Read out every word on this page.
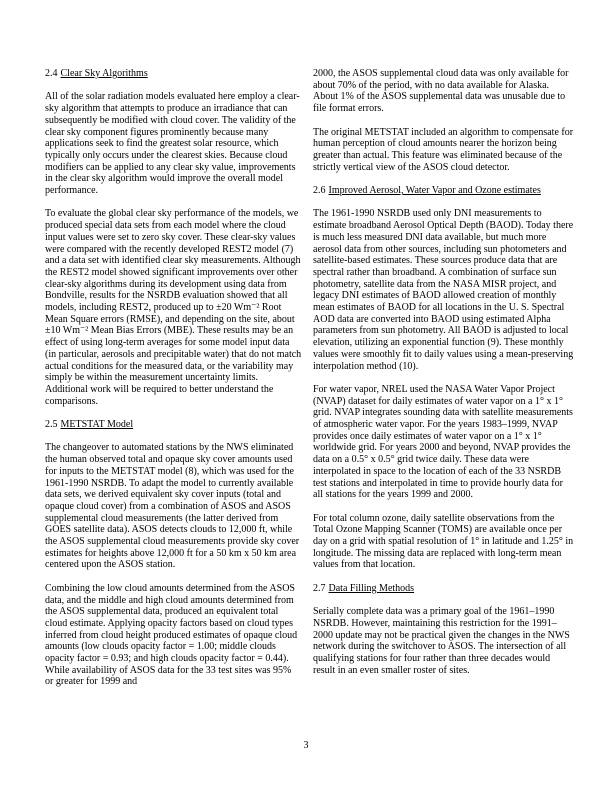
2.4 Clear Sky Algorithms
All of the solar radiation models evaluated here employ a clear-sky algorithm that attempts to produce an irradiance that can subsequently be modified with cloud cover. The validity of the clear sky component figures prominently because many applications seek to find the greatest solar resource, which typically only occurs under the clearest skies. Because cloud modifiers can be applied to any clear sky value, improvements in the clear sky algorithm would improve the overall model performance.
To evaluate the global clear sky performance of the models, we produced special data sets from each model where the cloud input values were set to zero sky cover. These clear-sky values were compared with the recently developed REST2 model (7) and a data set with identified clear sky measurements. Although the REST2 model showed significant improvements over other clear-sky algorithms during its development using data from Bondville, results for the NSRDB evaluation showed that all models, including REST2, produced up to ±20 Wm⁻² Root Mean Square errors (RMSE), and depending on the site, about ±10 Wm⁻² Mean Bias Errors (MBE). These results may be an effect of using long-term averages for some model input data (in particular, aerosols and precipitable water) that do not match actual conditions for the measured data, or the variability may simply be within the measurement uncertainty limits. Additional work will be required to better understand the comparisons.
2.5 METSTAT Model
The changeover to automated stations by the NWS eliminated the human observed total and opaque sky cover amounts used for inputs to the METSTAT model (8), which was used for the 1961-1990 NSRDB. To adapt the model to currently available data sets, we derived equivalent sky cover inputs (total and opaque cloud cover) from a combination of ASOS and ASOS supplemental cloud measurements (the latter derived from GOES satellite data). ASOS detects clouds to 12,000 ft, while the ASOS supplemental cloud measurements provide sky cover estimates for heights above 12,000 ft for a 50 km x 50 km area centered upon the ASOS station.
Combining the low cloud amounts determined from the ASOS data, and the middle and high cloud amounts determined from the ASOS supplemental data, produced an equivalent total cloud estimate. Applying opacity factors based on cloud types inferred from cloud height produced estimates of opaque cloud amounts (low clouds opacity factor = 1.00; middle clouds opacity factor = 0.93; and high clouds opacity factor = 0.44). While availability of ASOS data for the 33 test sites was 95% or greater for 1999 and
2000, the ASOS supplemental cloud data was only available for about 70% of the period, with no data available for Alaska. About 1% of the ASOS supplemental data was unusable due to file format errors.
The original METSTAT included an algorithm to compensate for human perception of cloud amounts nearer the horizon being greater than actual. This feature was eliminated because of the strictly vertical view of the ASOS cloud detector.
2.6 Improved Aerosol, Water Vapor and Ozone estimates
The 1961-1990 NSRDB used only DNI measurements to estimate broadband Aerosol Optical Depth (BAOD). Today there is much less measured DNI data available, but much more aerosol data from other sources, including sun photometers and satellite-based estimates. These sources produce data that are spectral rather than broadband. A combination of surface sun photometry, satellite data from the NASA MISR project, and legacy DNI estimates of BAOD allowed creation of monthly mean estimates of BAOD for all locations in the U. S. Spectral AOD data are converted into BAOD using estimated Alpha parameters from sun photometry. All BAOD is adjusted to local elevation, utilizing an exponential function (9). These monthly values were smoothly fit to daily values using a mean-preserving interpolation method (10).
For water vapor, NREL used the NASA Water Vapor Project (NVAP) dataset for daily estimates of water vapor on a 1° x 1° grid. NVAP integrates sounding data with satellite measurements of atmospheric water vapor. For the years 1983–1999, NVAP provides once daily estimates of water vapor on a 1° x 1° worldwide grid. For years 2000 and beyond, NVAP provides the data on a 0.5° x 0.5° grid twice daily. These data were interpolated in space to the location of each of the 33 NSRDB test stations and interpolated in time to provide hourly data for all stations for the years 1999 and 2000.
For total column ozone, daily satellite observations from the Total Ozone Mapping Scanner (TOMS) are available once per day on a grid with spatial resolution of 1° in latitude and 1.25° in longitude. The missing data are replaced with long-term mean values from that location.
2.7 Data Filling Methods
Serially complete data was a primary goal of the 1961–1990 NSRDB. However, maintaining this restriction for the 1991–2000 update may not be practical given the changes in the NWS network during the switchover to ASOS. The intersection of all qualifying stations for four rather than three decades would result in an even smaller roster of sites.
3
